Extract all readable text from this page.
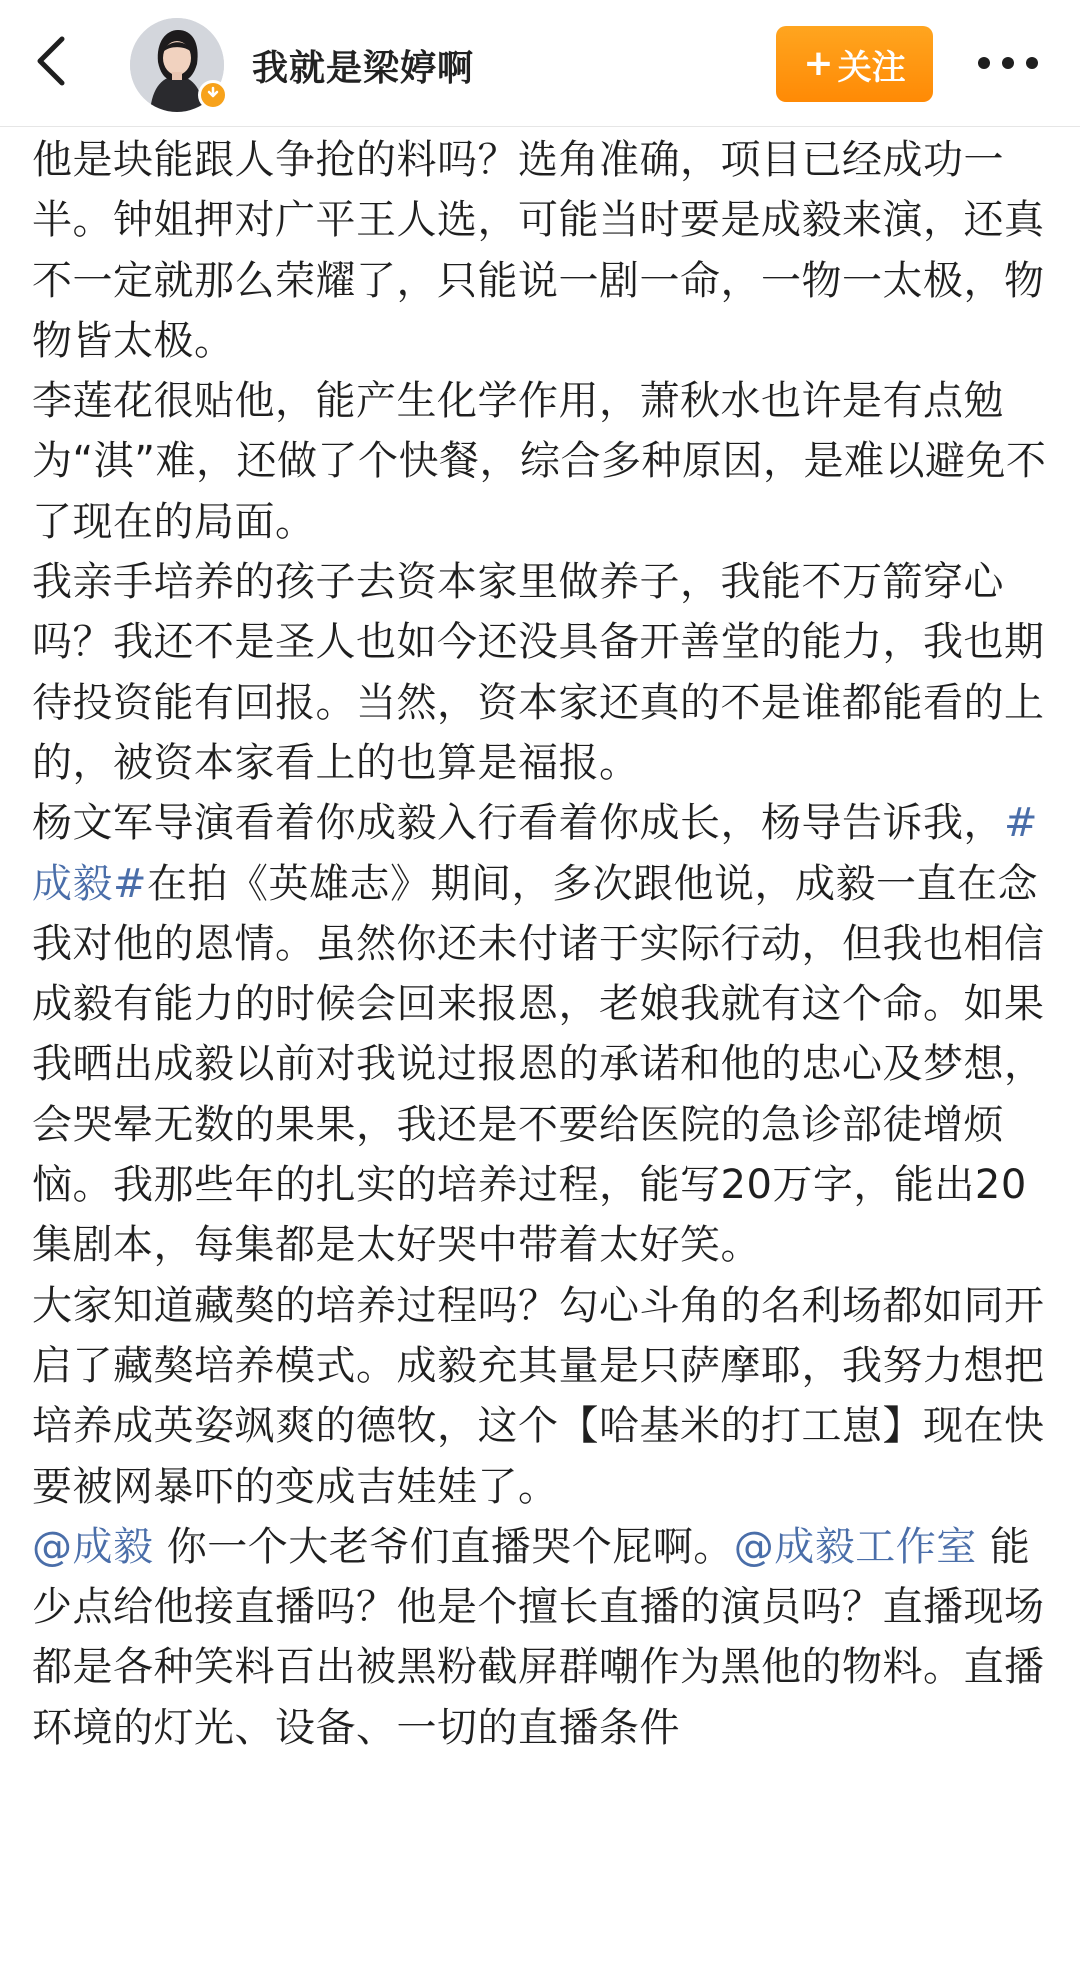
我就是梁婷啊	+ 关注

他是块能跟人争抢的料吗？选角准确，项目已经成功一半。钟姐押对广平王人选，可能当时要是成毅来演，还真不一定就那么荣耀了，只能说一剧一命，一物一太极，物物皆太极。

李莲花很贴他，能产生化学作用，萧秋水也许是有点勉为“淇”难，还做了个快餐，综合多种原因，是难以避免不了现在的局面。

我亲手培养的孩子去资本家里做养子，我能不万箭穿心吗？我还不是圣人也如今还没具备开善堂的能力，我也期待投资能有回报。当然，资本家还真的不是谁都能看的上的，被资本家看上的也算是福报。

杨文军导演看着你成毅入行看着你成长，杨导告诉我，#成毅#在拍《英雄志》期间，多次跟他说，成毅一直在念我对他的恩情。虽然你还未付诸于实际行动，但我也相信成毅有能力的时候会回来报恩，老娘我就有这个命。如果我晒出成毅以前对我说过报恩的承诺和他的忠心及梦想，会哭晕无数的果果，我还是不要给医院的急诊部徒增烦恼。我那些年的扎实的培养过程，能写20万字，能出20集剧本，每集都是太好哭中带着太好笑。

大家知道藏獒的培养过程吗？勾心斗角的名利场都如同开启了藏獒培养模式。成毅充其量是只萨摩耶，我努力想把培养成英姿飒爽的德牧，这个【哈基米的打工崽】现在快要被网暴吓的变成吉娃娃了。

@成毅 你一个大老爷们直播哭个屁啊。@成毅工作室 能少点给他接直播吗？他是个擅长直播的演员吗？直播现场都是各种笑料百出被黑粉截屏群嘲作为黑他的物料。直播环境的灯光、设备、一切的直播条件
